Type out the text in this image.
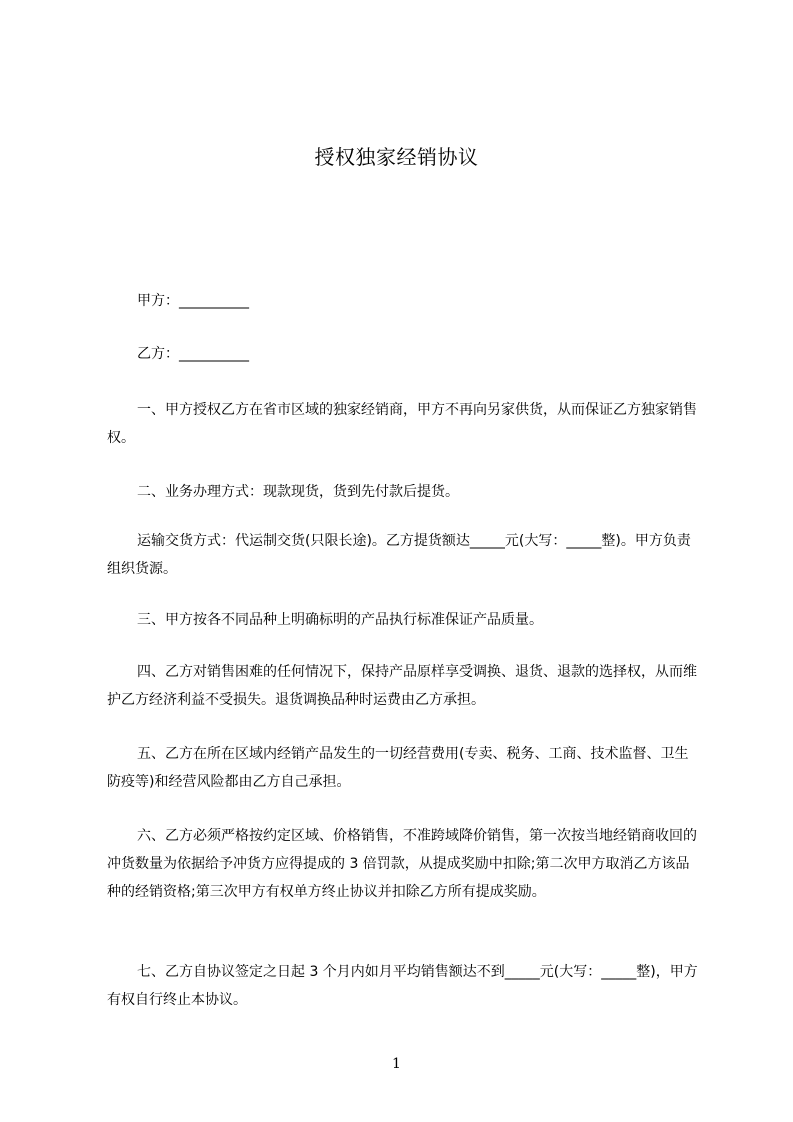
授权独家经销协议
甲方：__________
乙方：__________
一、甲方授权乙方在省市区域的独家经销商，甲方不再向另家供货，从而保证乙方独家销售权。
二、业务办理方式：现款现货，货到先付款后提货。
运输交货方式：代运制交货(只限长途)。乙方提货额达_____元(大写：_____整)。甲方负责组织货源。
三、甲方按各不同品种上明确标明的产品执行标准保证产品质量。
四、乙方对销售困难的任何情况下，保持产品原样享受调换、退货、退款的选择权，从而维护乙方经济利益不受损失。退货调换品种时运费由乙方承担。
五、乙方在所在区域内经销产品发生的一切经营费用(专卖、税务、工商、技术监督、卫生防疫等)和经营风险都由乙方自己承担。
六、乙方必须严格按约定区域、价格销售，不准跨域降价销售，第一次按当地经销商收回的冲货数量为依据给予冲货方应得提成的 3 倍罚款，从提成奖励中扣除;第二次甲方取消乙方该品种的经销资格;第三次甲方有权单方终止协议并扣除乙方所有提成奖励。
七、乙方自协议签定之日起 3 个月内如月平均销售额达不到_____元(大写：_____整)，甲方有权自行终止本协议。
1
